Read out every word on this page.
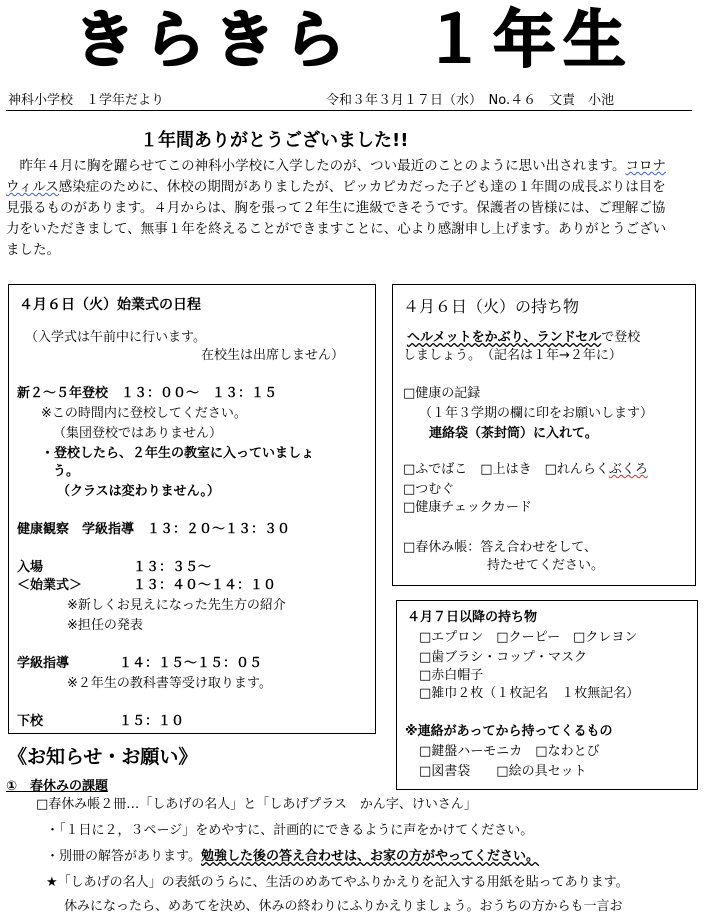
きらきら　１年生
神科小学校　１学年だより	令和３年３月１７日（水）　No.４６　文責　小池
１年間ありがとうございました!!
昨年４月に胸を躍らせてこの神科小学校に入学したのが、つい最近のことのように思い出されます。コロナウィルス感染症のために、休校の期間がありましたが、ピッカピカだった子ども達の１年間の成長ぶりは目を見張るものがあります。４月からは、胸を張って２年生に進級できそうです。保護者の皆様には、ご理解ご協力をいただきまして、無事１年を終えることができますことに、心より感謝申し上げます。ありがとうございました。
４月６日（火）始業式の日程
（入学式は午前中に行います。
在校生は出席しません）
新２～５年登校　１３：００～　１３：１５
※この時間内に登校してください。
（集団登校ではありません）
・登校したら、２年生の教室に入っていましょ
う。
（クラスは変わりません。）
健康観察　学級指導　１３：２０～１３：３０
入場	１３：３５～
＜始業式＞	１３：４０～１４：１０
※新しくお見えになった先生方の紹介
※担任の発表
学級指導	１４：１５～１５：０５
※２年生の教科書等受け取ります。
下校	１５：１０
４月６日（火）の持ち物
ヘルメットをかぶり、ランドセルで登校
しましょう。　（記名は１年→２年に）
□健康の記録
（１年３学期の欄に印をお願いします）
連絡袋（茶封筒）に入れて。
□ふでばこ　□上はき　□れんらくぶくろ
□つむぐ
□健康チェックカード
□春休み帳：答え合わせをして、
持たせてください。
４月７日以降の持ち物
□エプロン　□クーピー　□クレヨン
□歯ブラシ・コップ・マスク
□赤白帽子
□雑巾２枚（１枚記名　１枚無記名）
※連絡があってから持ってくるもの
□鍵盤ハーモニカ　□なわとび
□図書袋　　□絵の具セット
《お知らせ・お願い》
①　春休みの課題
□春休み帳２冊…「しあげの名人」と「しあげプラス　かん字、けいさん」
・「１日に２，３ページ」をめやすに、計画的にできるように声をかけてください。
・別冊の解答があります。勉強した後の答え合わせは、お家の方がやってください。
★「しあげの名人」の表紙のうらに、生活のめあてやふりかえりを記入する用紙を貼ってあります。
休みになったら、めあてを決め、休みの終わりにふりかえりましょう。おうちの方からも一言お
